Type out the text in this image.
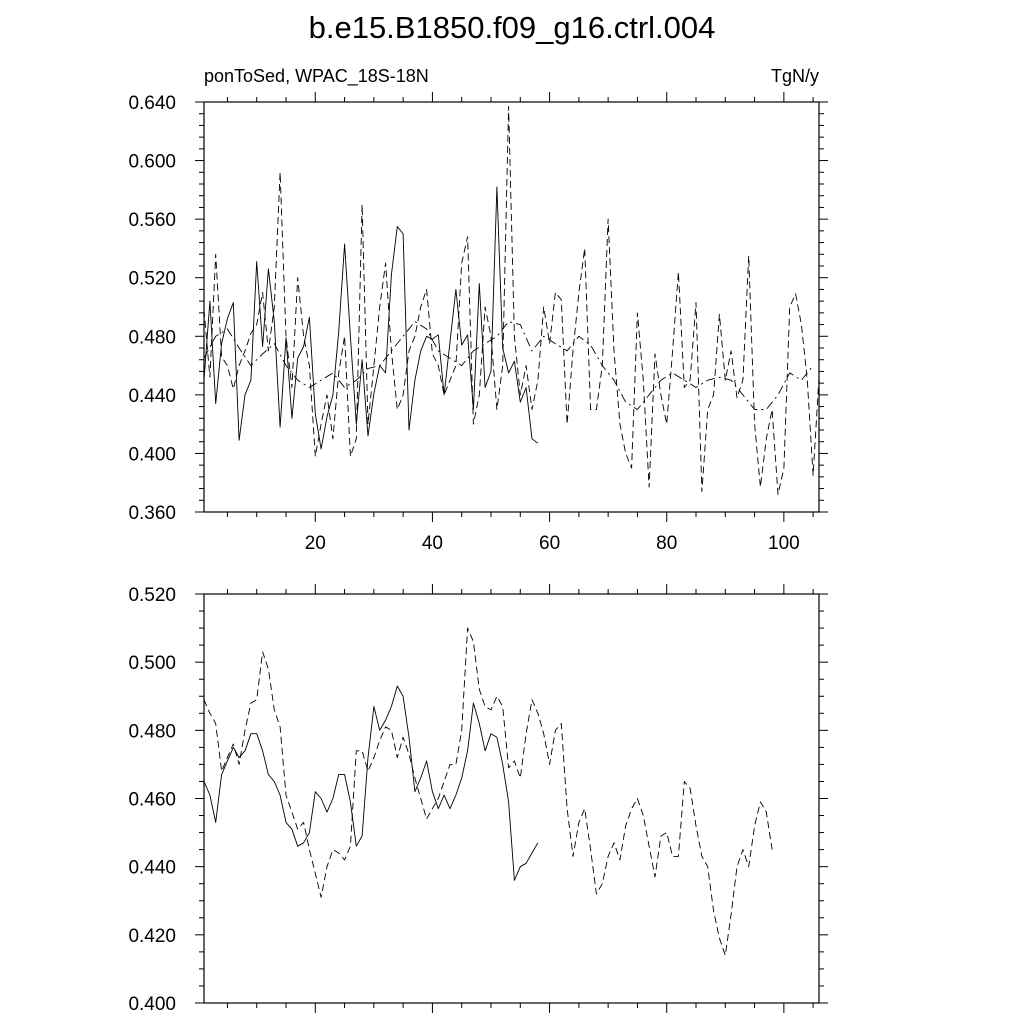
b.e15.B1850.f09_g16.ctrl.004
ponToSed, WPAC_18S-18N	TgN/y
20	40	60	80	100
0.360
0.400
0.440
0.480
0.520
0.560
0.600
0.640
0.400
0.420
0.440
0.460
0.480
0.500
0.520
